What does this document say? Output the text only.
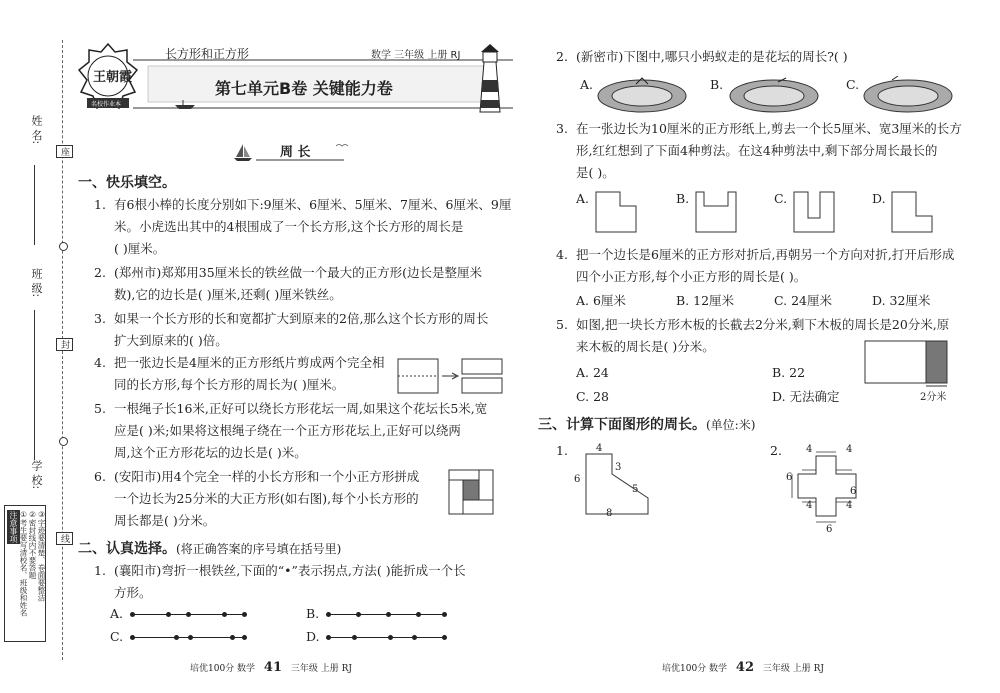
姓 名:
班 级:
学 校:
座
封
线
注意事项 ①考生要写清校名、班级和姓名 ②密封线内不要答题 ③字迹要清楚、卷面要整洁
王朝霞
名校作业本
长方形和正方形	数学 三年级 上册 RJ
第七单元B卷 关键能力卷
周 长
一、快乐填空。
1. 有6根小棒的长度分别如下:9厘米、6厘米、5厘米、7厘米、6厘米、9厘
米。小虎选出其中的4根围成了一个长方形,这个长方形的周长是
( )厘米。
2. (郑州市)郑郑用35厘米长的铁丝做一个最大的正方形(边长是整厘米
数),它的边长是( )厘米,还剩( )厘米铁丝。
3. 如果一个长方形的长和宽都扩大到原来的2倍,那么这个长方形的周长
扩大到原来的( )倍。
4. 把一张边长是4厘米的正方形纸片剪成两个完全相
同的长方形,每个长方形的周长为( )厘米。
5. 一根绳子长16米,正好可以绕长方形花坛一周,如果这个花坛长5米,宽
应是( )米;如果将这根绳子绕在一个正方形花坛上,正好可以绕两
周,这个正方形花坛的边长是( )米。
6. (安阳市)用4个完全一样的小长方形和一个小正方形拼成
一个边长为25分米的大正方形(如右图),每个小长方形的
周长都是( )分米。
二、认真选择。(将正确答案的序号填在括号里)
1. (襄阳市)弯折一根铁丝,下面的“•”表示拐点,方法( )能折成一个长
方形。
A.	B.
C.	D.
培优100分 数学 41 三年级 上册 RJ
2. (新密市)下图中,哪只小蚂蚁走的是花坛的周长?( )
A.	B.	C.
3. 在一张边长为10厘米的正方形纸上,剪去一个长5厘米、宽3厘米的长方
形,红红想到了下面4种剪法。在这4种剪法中,剩下部分周长最长的
是( )。
A.	B.	C.	D.
4. 把一个边长是6厘米的正方形对折后,再朝另一个方向对折,打开后形成
四个小正方形,每个小正方形的周长是( )。
A. 6厘米	B. 12厘米	C. 24厘米	D. 32厘米
5. 如图,把一块长方形木板的长截去2分米,剩下木板的周长是20分米,原
来木板的周长是( )分米。
A. 24	B. 22
C. 28	D. 无法确定	2分米
三、计算下面图形的周长。(单位:米)
1.	4
3
6
5
8
2. 4	4
6
6
4	4
6
培优100分 数学 42 三年级 上册 RJ
